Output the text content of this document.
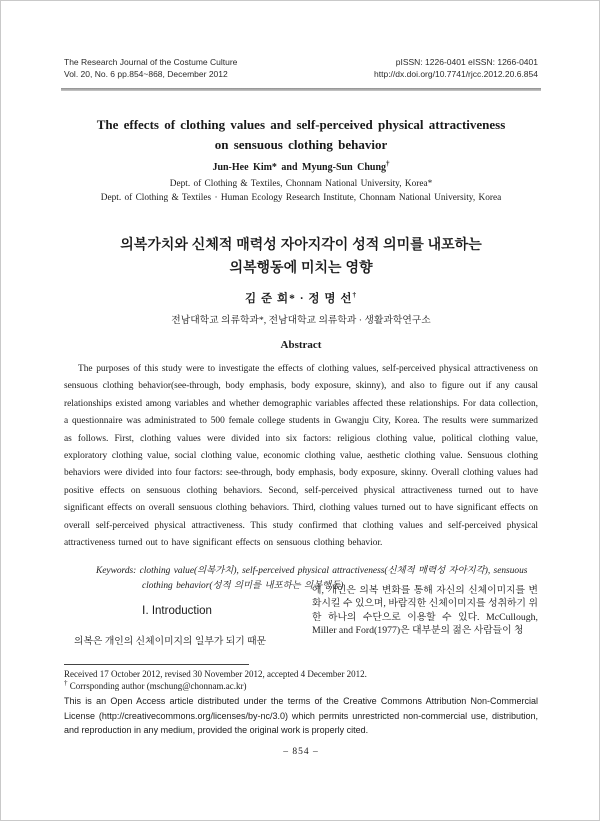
The Research Journal of the Costume Culture
Vol. 20, No. 6 pp.854~868, December 2012
pISSN: 1226-0401 eISSN: 1266-0401
http://dx.doi.org/10.7741/rjcc.2012.20.6.854
The effects of clothing values and self-perceived physical attractiveness
on sensuous clothing behavior
Jun-Hee Kim* and Myung-Sun Chung†
Dept. of Clothing & Textiles, Chonnam National University, Korea*
Dept. of Clothing & Textiles · Human Ecology Research Institute, Chonnam National University, Korea
의복가치와 신체적 매력성 자아지각이 성적 의미를 내포하는
의복행동에 미치는 영향
김 준 희* · 정 명 선†
전남대학교 의류학과*, 전남대학교 의류학과 · 생활과학연구소
Abstract

The purposes of this study were to investigate the effects of clothing values, self-perceived physical attractiveness on sensuous clothing behavior(see-through, body emphasis, body exposure, skinny), and also to figure out if any causal relationships existed among variables and whether demographic variables affected these relationships. For data collection, a questionnaire was administrated to 500 female college students in Gwangju City, Korea. The results were summarized as follows. First, clothing values were divided into six factors: religious clothing value, political clothing value, exploratory clothing value, social clothing value, economic clothing value, aesthetic clothing value. Sensuous clothing behaviors were divided into four factors: see-through, body emphasis, body exposure, skinny. Overall clothing values had positive effects on sensuous clothing behaviors. Second, self-perceived physical attractiveness turned out to have significant effects on overall sensuous clothing behaviors. Third, clothing values turned out to have significant effects on overall self-perceived physical attractiveness. This study confirmed that clothing values and self-perceived physical attractiveness turned out to have significant effects on sensuous clothing behavior.

Keywords: clothing value(의복가치), self-perceived physical attractiveness(신체적 매력성 자아지각), sensuous clothing behavior(성적 의미를 내포하는 의복행동)

Ⅰ. Introduction

의복은 개인의 신체이미지의 일부가 되기 때문

에, 개인은 의복 변화를 통해 자신의 신체이미지를 변화시킬 수 있으며, 바람직한 신체이미지를 성취하기 위한 하나의 수단으로 이용할 수 있다. McCullough, Miller and Ford(1977)은 대부분의 젊은 사람들이 청

Received 17 October 2012, revised 30 November 2012, accepted 4 December 2012.

† Corrsponding author (mschung@chonnam.ac.kr)

This is an Open Access article distributed under the terms of the Creative Commons Attribution Non-Commercial License (http://creativecommons.org/licenses/by-nc/3.0) which permits unrestricted non-commercial use, distribution, and reproduction in any medium, provided the original work is properly cited.

– 854 –
